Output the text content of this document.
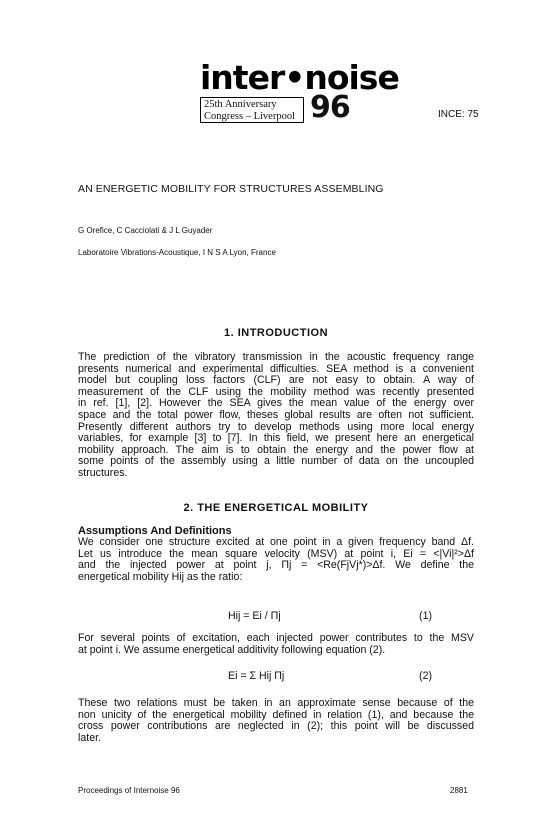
inter•noise
25th Anniversary
Congress – Liverpool 96	INCE: 75
AN ENERGETIC MOBILITY FOR STRUCTURES ASSEMBLING
G Orefice, C Cacciolati & J L Guyader
Laboratoire Vibrations-Acoustique, I N S A Lyon, France
1. INTRODUCTION
The prediction of the vibratory transmission in the acoustic frequency range
presents numerical and experimental difficulties. SEA method is a convenient
model but coupling loss factors (CLF) are not easy to obtain. A way of
measurement of the CLF using the mobility method was recently presented
in ref. [1], [2]. However the SEA gives the mean value of the energy over
space and the total power flow, theses global results are often not sufficient.
Presently different authors try to develop methods using more local energy
variables, for example [3] to [7]. In this field, we present here an energetical
mobility approach. The aim is to obtain the energy and the power flow at
some points of the assembly using a little number of data on the uncoupled
structures.
2. THE ENERGETICAL MOBILITY
Assumptions And Definitions
We consider one structure excited at one point in a given frequency band Δf.
Let us introduce the mean square velocity (MSV) at point i, Ei = <|Vi|²>Δf
and the injected power at point j, Πj = <Re(FjVj*)>Δf. We define the
energetical mobility Hij as the ratio:
Hij = Ei / Πj	(1)
For several points of excitation, each injected power contributes to the MSV
at point i. We assume energetical additivity following equation (2).
Ei = Σ Hij Πj	(2)
These two relations must be taken in an approximate sense because of the
non unicity of the energetical mobility defined in relation (1), and because the
cross power contributions are neglected in (2); this point will be discussed
later.
Proceedings of Internoise 96	2881
